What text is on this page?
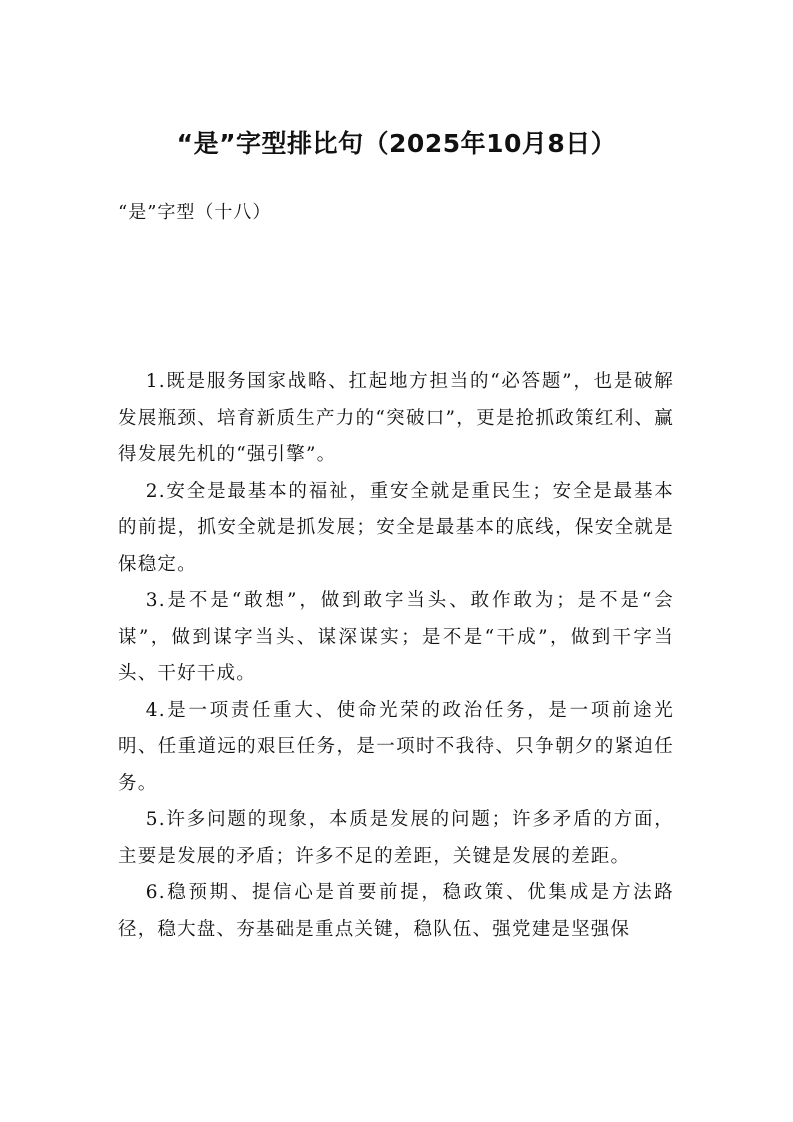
“是”字型排比句（2025年10月8日）

“是”字型（十八）

1.既是服务国家战略、扛起地方担当的“必答题”，也是破解发展瓶颈、培育新质生产力的“突破口”，更是抢抓政策红利、赢得发展先机的“强引擎”。

2.安全是最基本的福祉，重安全就是重民生；安全是最基本的前提，抓安全就是抓发展；安全是最基本的底线，保安全就是保稳定。

3.是不是“敢想”，做到敢字当头、敢作敢为；是不是“会谋”，做到谋字当头、谋深谋实；是不是“干成”，做到干字当头、干好干成。

4.是一项责任重大、使命光荣的政治任务，是一项前途光明、任重道远的艰巨任务，是一项时不我待、只争朝夕的紧迫任务。

5.许多问题的现象，本质是发展的问题；许多矛盾的方面，主要是发展的矛盾；许多不足的差距，关键是发展的差距。

6.稳预期、提信心是首要前提，稳政策、优集成是方法路径，稳大盘、夯基础是重点关键，稳队伍、强党建是坚强保
